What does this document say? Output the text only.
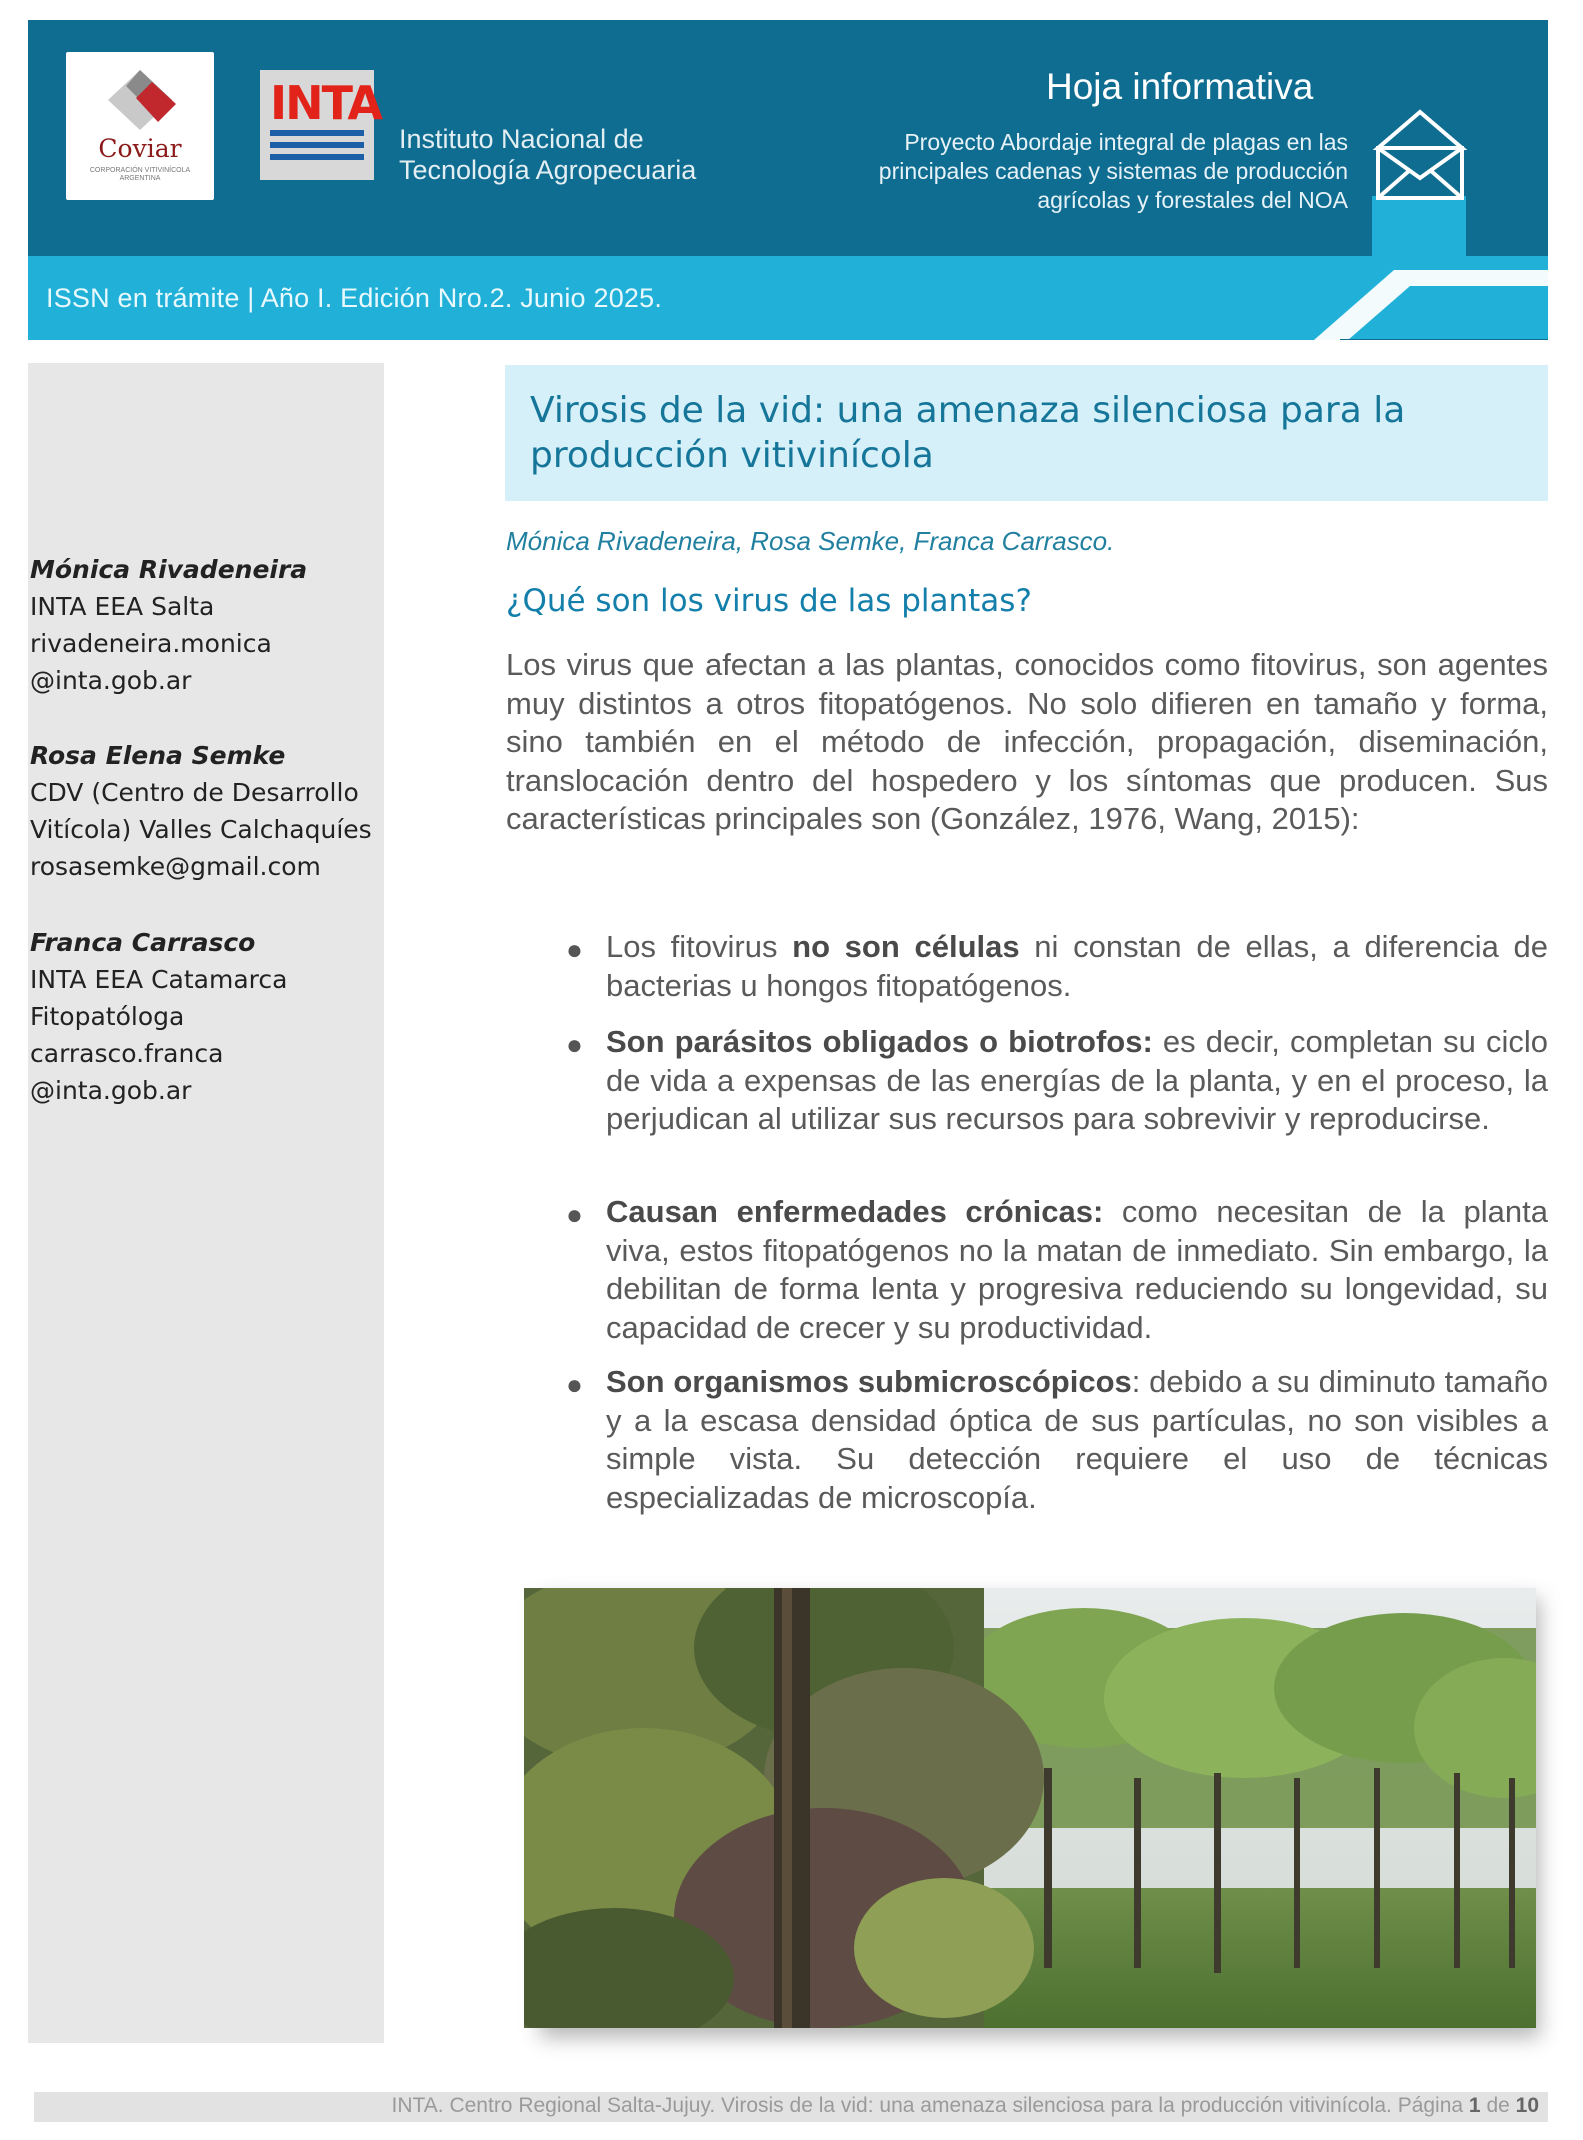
Coviar
CORPORACIÓN VITIVINÍCOLA ARGENTINA
INTA
Instituto Nacional de
Tecnología Agropecuaria
Hoja informativa
Proyecto Abordaje integral de plagas en las
principales cadenas y sistemas de producción
agrícolas y forestales del NOA
ISSN en trámite | Año I. Edición Nro.2. Junio 2025.
Mónica Rivadeneira
INTA EEA Salta
rivadeneira.monica
@inta.gob.ar
Rosa Elena Semke
CDV (Centro de Desarrollo
Vitícola) Valles Calchaquíes
rosasemke@gmail.com
Franca Carrasco
INTA EEA Catamarca
Fitopatóloga
carrasco.franca
@inta.gob.ar
Virosis de la vid: una amenaza silenciosa para la producción vitivinícola
Mónica Rivadeneira, Rosa Semke, Franca Carrasco.
¿Qué son los virus de las plantas?
Los virus que afectan a las plantas, conocidos como fitovirus, son agentes muy distintos a otros fitopatógenos. No solo difieren en tamaño y forma, sino también en el método de infección, propagación, diseminación, translocación dentro del hospedero y los síntomas que producen. Sus características principales son (González, 1976, Wang, 2015):
● Los fitovirus no son células ni constan de ellas, a diferencia de bacterias u hongos fitopatógenos.
● Son parásitos obligados o biotrofos: es decir, completan su ciclo de vida a expensas de las energías de la planta, y en el proceso, la perjudican al utilizar sus recursos para sobrevivir y reproducirse.
● Causan enfermedades crónicas: como necesitan de la planta viva, estos fitopatógenos no la matan de inmediato. Sin embargo, la debilitan de forma lenta y progresiva reduciendo su longevidad, su capacidad de crecer y su productividad.
● Son organismos submicroscópicos: debido a su diminuto tamaño y a la escasa densidad óptica de sus partículas, no son visibles a simple vista. Su detección requiere el uso de técnicas especializadas de microscopía.
INTA. Centro Regional Salta-Jujuy. Virosis de la vid: una amenaza silenciosa para la producción vitivinícola. Página 1 de 10
